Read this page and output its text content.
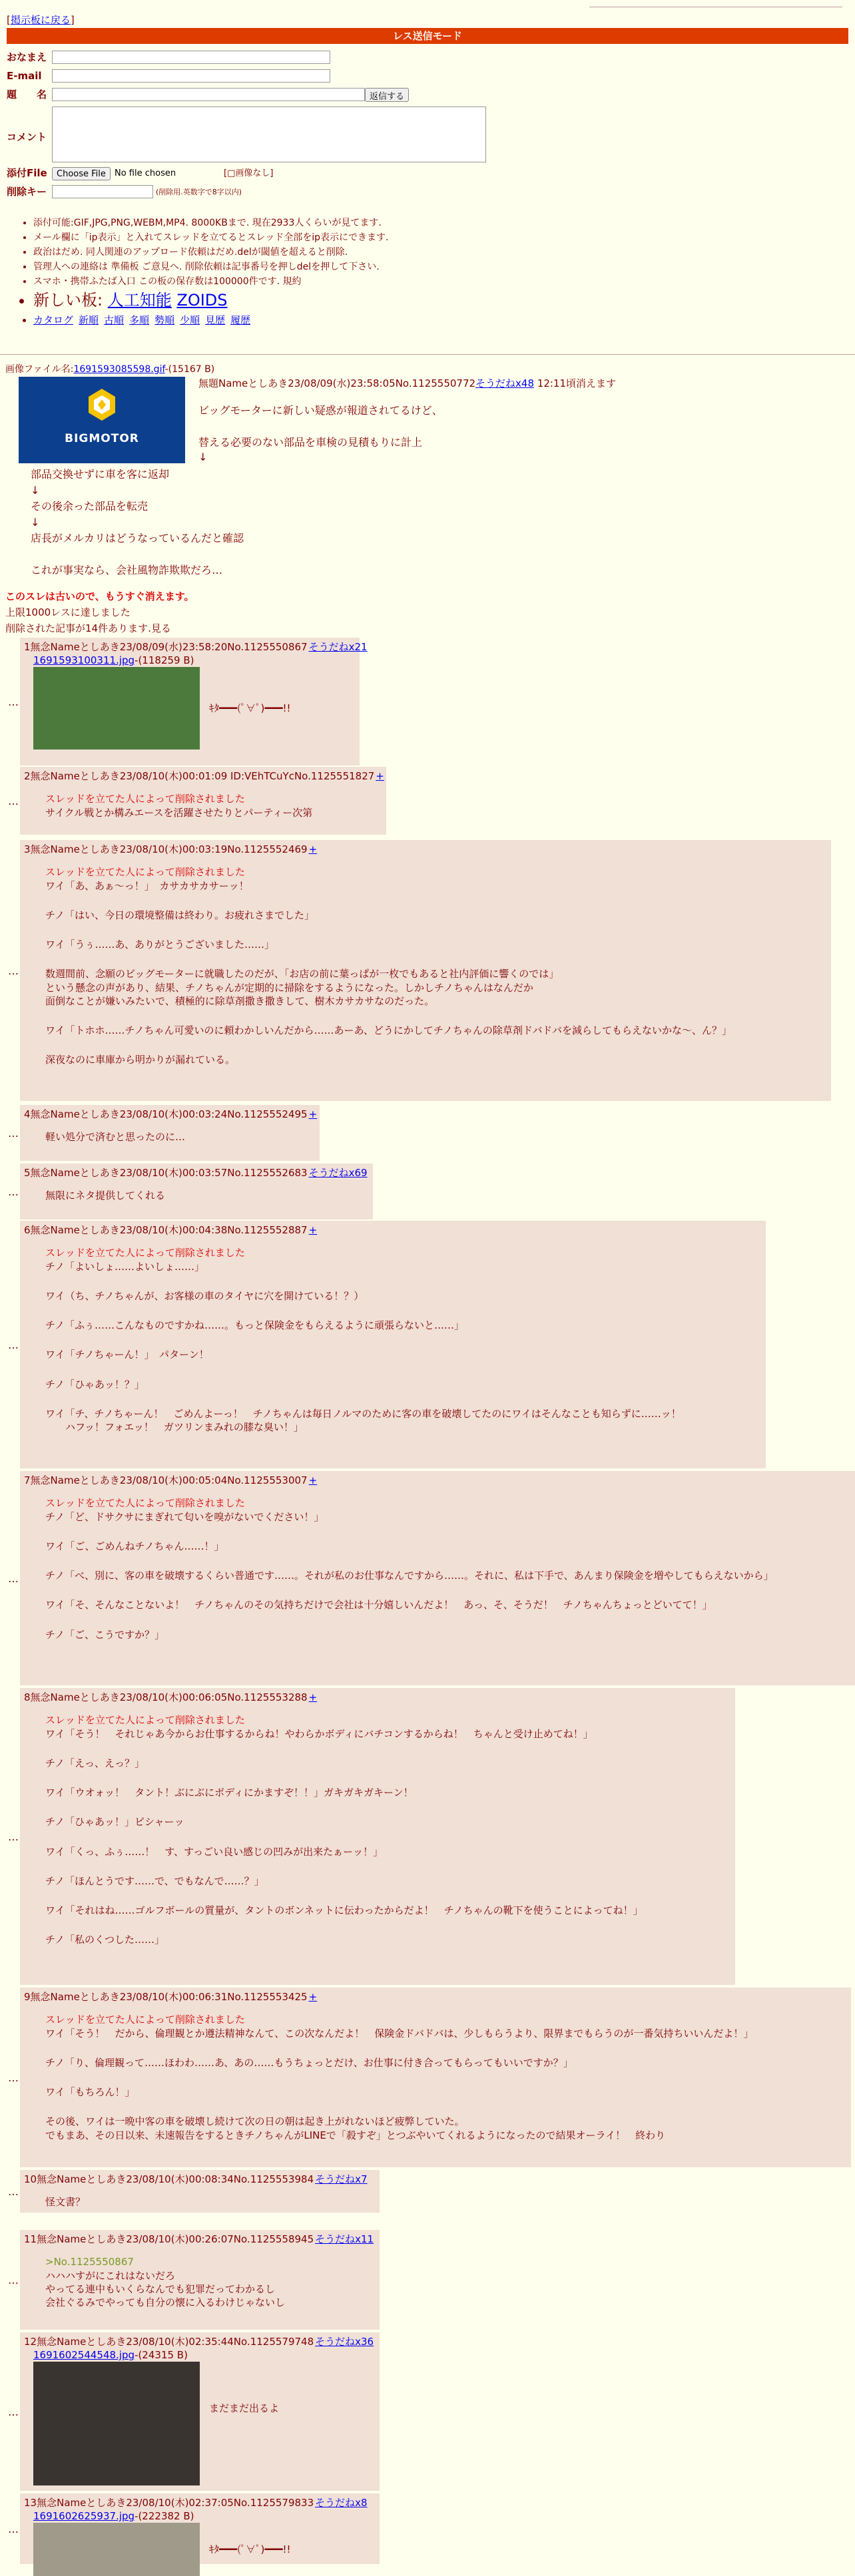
[掲示板に戻る]
レス送信モード
おなまえ
E-mail
題　　名	返信する
コメント
添付File	Choose File	No file chosen	[□画像なし]
削除キー	(削除用.英数字で8字以内)
• 添付可能:GIF,JPG,PNG,WEBM,MP4. 8000KBまで. 現在2933人くらいが見てます.
• メール欄に「ip表示」と入れてスレッドを立てるとスレッド全部をip表示にできます.
• 政治はだめ. 同人関連のアップロード依頼はだめ.delが閾値を超えると削除.
• 管理人への連絡は 準備板 ご意見へ. 削除依頼は記事番号を押しdelを押して下さい.
• スマホ・携帯ふたば入口 この板の保存数は100000件です. 規約
• 新しい板: 人工知能 ZOIDS
• カタログ 新順 古順 多順 勢順 少順 見歴 履歴
画像ファイル名:1691593085598.gif-(15167 B)
BIGMOTOR
無題Nameとしあき23/08/09(水)23:58:05No.1125550772そうだねx48 12:11頃消えます
ビッグモーターに新しい疑惑が報道されてるけど、
替える必要のない部品を車検の見積もりに計上
↓
部品交換せずに車を客に返却
↓
その後余った部品を転売
↓
店長がメルカリはどうなっているんだと確認
これが事実なら、会社風物詐欺欺だろ…
このスレは古いので、もうすぐ消えます。
上限1000レスに達しました
削除された記事が14件あります.見る
…
1無念Nameとしあき23/08/09(水)23:58:20No.1125550867 そうだねx21
1691593100311.jpg-(118259 B)
ｷﾀ━━━(ﾟ∀ﾟ)━━━!!
…
2無念Nameとしあき23/08/10(木)00:01:09 ID:VEhTCuYcNo.1125551827 +
スレッドを立てた人によって削除されました
サイクル戦とか構みエースを活躍させたりとパーティー次第
…
3無念Nameとしあき23/08/10(木)00:03:19No.1125552469 +
スレッドを立てた人によって削除されました
ワイ「あ、あぁ〜っ！」　カサカサカサーッ！
チノ「はい、今日の環境整備は終わり。お疲れさまでした」
ワイ「うぅ……あ、ありがとうございました……」
数週間前、念願のビッグモーターに就職したのだが、「お店の前に葉っぱが一枚でもあると社内評価に響くのでは」
という懸念の声があり、結果、チノちゃんが定期的に掃除をするようになった。しかしチノちゃんはなんだか
面倒なことが嫌いみたいで、積極的に除草剤撒き撒きして、樹木カサカサなのだった。
ワイ「トホホ……チノちゃん可愛いのに頼わかしいんだから……あーあ、どうにかしてチノちゃんの除草剤ドバドバを減らしてもらえないかな〜、ん？」
深夜なのに車庫から明かりが漏れている。
…
4無念Nameとしあき23/08/10(木)00:03:24No.1125552495 +
軽い処分で済むと思ったのに…
…
5無念Nameとしあき23/08/10(木)00:03:57No.1125552683 そうだねx69
無限にネタ提供してくれる
…
6無念Nameとしあき23/08/10(木)00:04:38No.1125552887 +
スレッドを立てた人によって削除されました
チノ「よいしょ……よいしょ……」
ワイ（ち、チノちゃんが、お客様の車のタイヤに穴を開けている！？）
チノ「ふぅ……こんなものですかね……。もっと保険金をもらえるように頑張らないと……」
ワイ「チノちゃーん！」　パターン！
チノ「ひゃあッ！？」
ワイ「チ、チノちゃーん！　ごめんよーっ！　チノちゃんは毎日ノルマのために客の車を破壊してたのにワイはそんなことも知らずに……ッ！
　　ハフッ！フォエッ！　ガツリンまみれの膝な臭い！」
…
7無念Nameとしあき23/08/10(木)00:05:04No.1125553007 +
スレッドを立てた人によって削除されました
チノ「ど、ドサクサにまぎれて匂いを嗅がないでください！」
ワイ「ご、ごめんねチノちゃん……！」
チノ「べ、別に、客の車を破壊するくらい普通です……。それが私のお仕事なんですから……。それに、私は下手で、あんまり保険金を増やしてもらえないから」
ワイ「そ、そんなことないよ！　チノちゃんのその気持ちだけで会社は十分嬉しいんだよ！　あっ、そ、そうだ！　チノちゃんちょっとどいてて！」
チノ「ご、こうですか？」
…
8無念Nameとしあき23/08/10(木)00:06:05No.1125553288 +
スレッドを立てた人によって削除されました
ワイ「そう！　それじゃあ今からお仕事するからね！やわらかボディにバチコンするからね！　ちゃんと受け止めてね！」
チノ「えっ、えっ？」
ワイ「ウオォッ！　タント！ぶにぶにボディにかますぞ！！」ガキガキガキーン！
チノ「ひゃあッ！」ビシャーッ
ワイ「くっ、ふぅ……！　す、すっごい良い感じの凹みが出来たぁーッ！」
チノ「ほんとうです……で、でもなんで……？」
ワイ「それはね……ゴルフボールの質量が、タントのボンネットに伝わったからだよ！　チノちゃんの靴下を使うことによってね！」
チノ「私のくつした……」
…
9無念Nameとしあき23/08/10(木)00:06:31No.1125553425 +
スレッドを立てた人によって削除されました
ワイ「そう！　だから、倫理観とか遵法精神なんて、この次なんだよ！　保険金ドバドバは、少しもらうより、限界までもらうのが一番気持ちいいんだよ！」
チノ「り、倫理観って……ほわわ……あ、あの……もうちょっとだけ、お仕事に付き合ってもらってもいいですか？」
ワイ「もちろん！」
その後、ワイは一晩中客の車を破壊し続けて次の日の朝は起き上がれないほど疲弊していた。
でもまあ、その日以来、未速報告をするときチノちゃんがLINEで「殺すぞ」とつぶやいてくれるようになったので結果オーライ！　終わり
…
10無念Nameとしあき23/08/10(木)00:08:34No.1125553984 そうだねx7
怪文書？
…
11無念Nameとしあき23/08/10(木)00:26:07No.1125558945 そうだねx11
>No.1125550867
ハハハすがにこれはないだろ
やってる連中もいくらなんでも犯罪だってわかるし
会社ぐるみでやっても自分の懐に入るわけじゃないし
…
12無念Nameとしあき23/08/10(木)02:35:44No.1125579748 そうだねx36
1691602544548.jpg-(24315 B)
まだまだ出るよ
…
13無念Nameとしあき23/08/10(木)02:37:05No.1125579833 そうだねx8
1691602625937.jpg-(222382 B)
ｷﾀ━━━(ﾟ∀ﾟ)━━━!!
